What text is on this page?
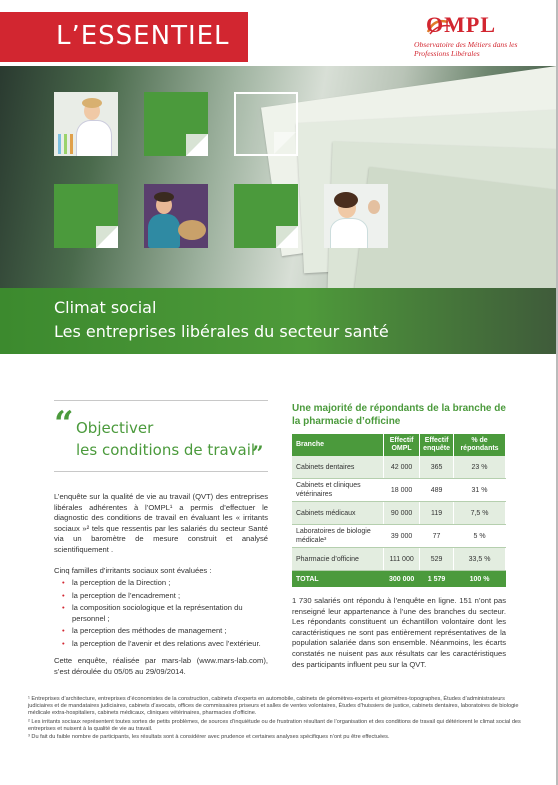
L’ESSENTIEL	OMPL
Observatoire des Métiers dans les Professions Libérales
Climat social
Les entreprises libérales du secteur santé
“ Objectiver
les conditions de travail
”
L’enquête sur la qualité de vie au travail (QVT) des entreprises libérales adhérentes à l’OMPL¹ a permis d’effectuer le diagnostic des conditions de travail en évaluant les « irritants sociaux »² tels que ressentis par les salariés du secteur Santé via un baromètre de mesure construit et analysé scientifiquement .
Cinq familles d’irritants sociaux sont évaluées :
• la perception de la Direction ;
• la perception de l’encadrement ;
• la composition sociologique et la représentation du personnel ;
• la perception des méthodes de management ;
• la perception de l’avenir et des relations avec l’extérieur.
Cette enquête, réalisée par mars-lab (www.mars-lab.com), s’est déroulée du 05/05 au 29/09/2014.
Une majorité de répondants de la branche de la pharmacie d’officine
Branche	Effectif OMPL	Effectif enquête	% de répondants
Cabinets dentaires	42 000	365	23 %
Cabinets et cliniques vétérinaires	18 000	489	31 %
Cabinets médicaux	90 000	119	7,5 %
Laboratoires de biologie médicale³	39 000	77	5 %
Pharmacie d’officine	111 000	529	33,5 %
TOTAL	300 000	1 579	100 %
1 730 salariés ont répondu à l’enquête en ligne. 151 n’ont pas renseigné leur appartenance à l’une des branches du secteur. Les répondants constituent un échantillon volontaire dont les caractéristiques ne sont pas entièrement représentatives de la population salariée dans son ensemble. Néanmoins, les écarts constatés ne nuisent pas aux résultats car les caractéristiques des participants influent peu sur la QVT.

¹ Entreprises d’architecture, entreprises d’économistes de la construction, cabinets d’experts en automobile, cabinets de géomètres-experts et géomètres-topographes, Études d’administrateurs judiciaires et de mandataires judiciaires, cabinets d’avocats, offices de commissaires priseurs et salles de ventes volontaires, Études d’huissiers de justice, cabinets dentaires, laboratoires de biologie médicale extra-hospitaliers, cabinets médicaux, cliniques vétérinaires, pharmacies d’officine.

² Les irritants sociaux représentent toutes sortes de petits problèmes, de sources d’inquiétude ou de frustration résultant de l’organisation et des conditions de travail qui détériorent le climat social des entreprises et nuisent à la qualité de vie au travail.

³ Du fait du faible nombre de participants, les résultats sont à considérer avec prudence et certaines analyses spécifiques n’ont pu être effectuées.
